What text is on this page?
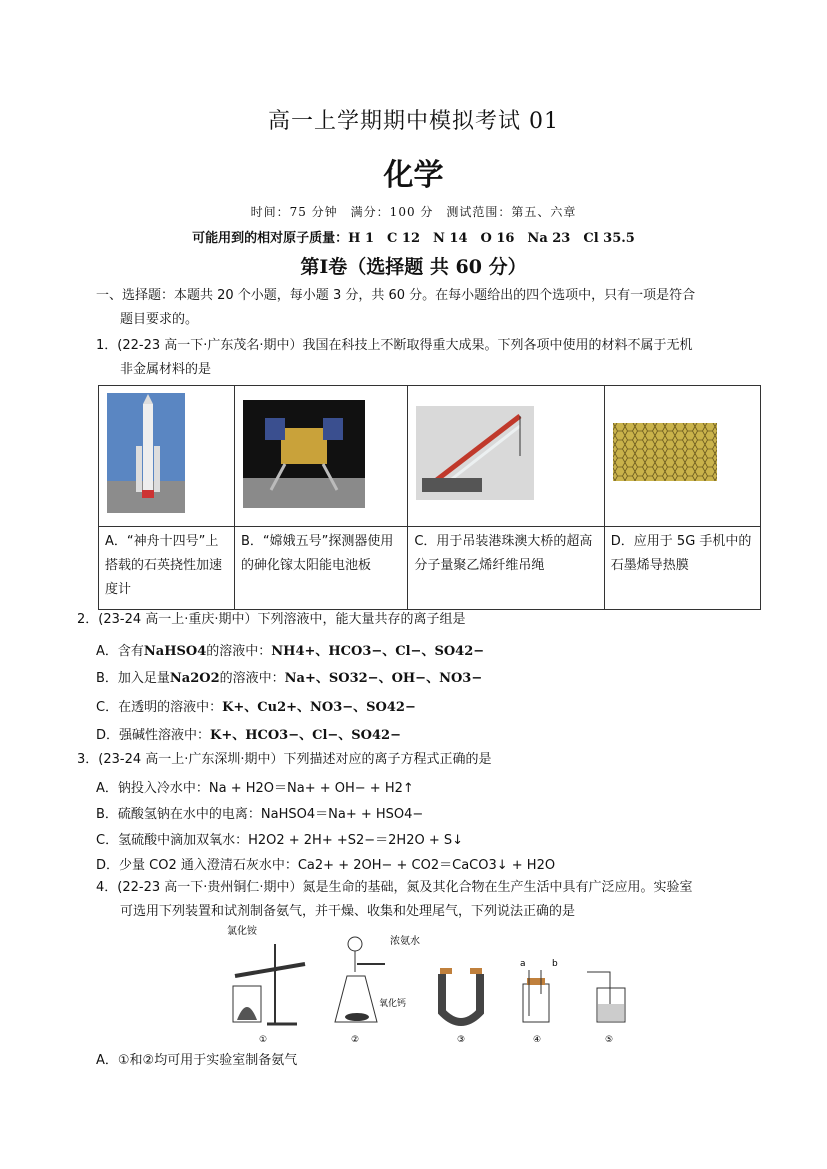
高一上学期期中模拟考试 01
化学
时间：75 分钟　满分：100 分　测试范围：第五、六章
可能用到的相对原子质量：H 1　C 12　N 14　O 16　Na 23　Cl 35.5
第Ⅰ卷（选择题 共 60 分）
一、选择题：本题共 20 个小题，每小题 3 分，共 60 分。在每小题给出的四个选项中，只有一项是符合
题目要求的。
1．(22-23 高一下·广东茂名·期中）我国在科技上不断取得重大成果。下列各项中使用的材料不属于无机
非金属材料的是

A．“神舟十四号”上搭载的石英挠性加速度计	B．“嫦娥五号”探测器使用的砷化镓太阳能电池板	C．用于吊装港珠澳大桥的超高分子量聚乙烯纤维吊绳	D．应用于 5G 手机中的石墨烯导热膜
2．(23-24 高一上·重庆·期中）下列溶液中，能大量共存的离子组是
A．含有NaHSO4的溶液中：NH4+、HCO3−、Cl−、SO42−
B．加入足量Na2O2的溶液中：Na+、SO32−、OH−、NO3−
C．在透明的溶液中：K+、Cu2+、NO3−、SO42−
D．强碱性溶液中：K+、HCO3−、Cl−、SO42−
3．(23-24 高一上·广东深圳·期中）下列描述对应的离子方程式正确的是
A．钠投入冷水中：Na + H2O＝Na+ + OH− + H2↑
B．硫酸氢钠在水中的电离：NaHSO4＝Na+ + HSO4−
C．氢硫酸中滴加双氧水：H2O2 + 2H+ +S2−＝2H2O + S↓
D．少量 CO2 通入澄清石灰水中：Ca2+ + 2OH− + CO2＝CaCO3↓ + H2O
4．(22-23 高一下·贵州铜仁·期中）氮是生命的基础，氮及其化合物在生产生活中具有广泛应用。实验室
可选用下列装置和试剂制备氨气，并干燥、收集和处理尾气，下列说法正确的是
氯化铵
①
浓氨水
氧化钙
②	③
a	b
④	⑤
A．①和②均可用于实验室制备氨气
